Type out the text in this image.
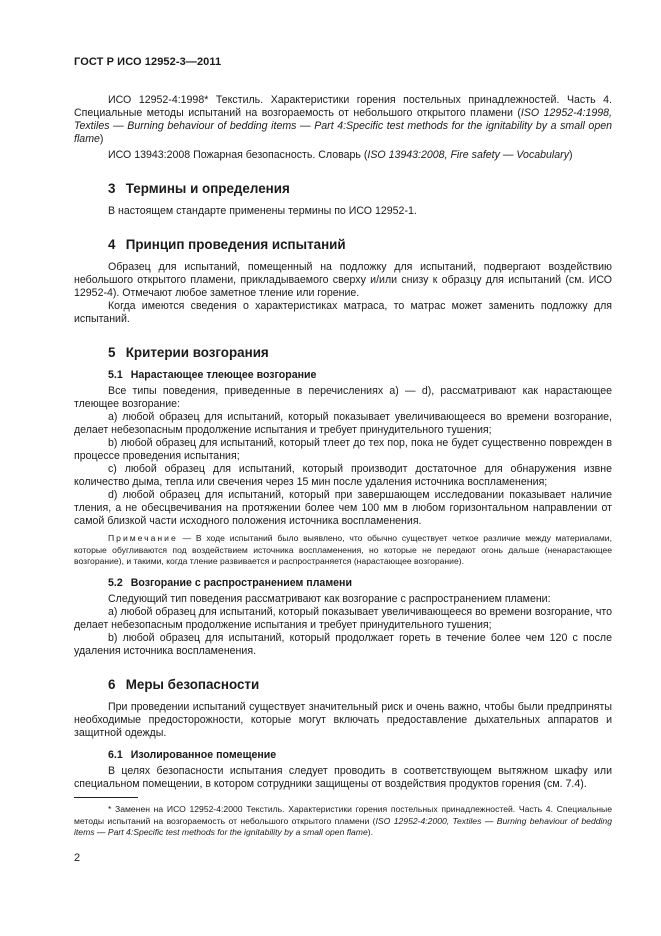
ГОСТ Р ИСО 12952-3—2011

ИСО 12952-4:1998* Текстиль. Характеристики горения постельных принадлежностей. Часть 4. Специальные методы испытаний на возгораемость от небольшого открытого пламени (ISO 12952-4:1998, Textiles — Burning behaviour of bedding items — Part 4:Specific test methods for the ignitability by a small open flame)

ИСО 13943:2008 Пожарная безопасность. Словарь (ISO 13943:2008, Fire safety — Vocabulary)

3 Термины и определения

В настоящем стандарте применены термины по ИСО 12952-1.

4 Принцип проведения испытаний

Образец для испытаний, помещенный на подложку для испытаний, подвергают воздействию небольшого открытого пламени, прикладываемого сверху и/или снизу к образцу для испытаний (см. ИСО 12952-4). Отмечают любое заметное тление или горение.

Когда имеются сведения о характеристиках матраса, то матрас может заменить подложку для испытаний.

5 Критерии возгорания
5.1 Нарастающее тлеющее возгорание

Все типы поведения, приведенные в перечислениях а) — d), рассматривают как нарастающее тлеющее возгорание:

a) любой образец для испытаний, который показывает увеличивающееся во времени возгорание, делает небезопасным продолжение испытания и требует принудительного тушения;

b) любой образец для испытаний, который тлеет до тех пор, пока не будет существенно поврежден в процессе проведения испытания;

c) любой образец для испытаний, который производит достаточное для обнаружения извне количество дыма, тепла или свечения через 15 мин после удаления источника воспламенения;

d) любой образец для испытаний, который при завершающем исследовании показывает наличие тления, а не обесцвечивания на протяжении более чем 100 мм в любом горизонтальном направлении от самой близкой части исходного положения источника воспламенения.

Примечание — В ходе испытаний было выявлено, что обычно существует четкое различие между материалами, которые обугливаются под воздействием источника воспламенения, но которые не передают огонь дальше (ненарастающее возгорание), и такими, когда тление развивается и распространяется (нарастающее возгорание).

5.2 Возгорание с распространением пламени

Следующий тип поведения рассматривают как возгорание с распространением пламени:

a) любой образец для испытаний, который показывает увеличивающееся во времени возгорание, что делает небезопасным продолжение испытания и требует принудительного тушения;

b) любой образец для испытаний, который продолжает гореть в течение более чем 120 с после удаления источника воспламенения.

6 Меры безопасности

При проведении испытаний существует значительный риск и очень важно, чтобы были предприняты необходимые предосторожности, которые могут включать предоставление дыхательных аппаратов и защитной одежды.

6.1 Изолированное помещение

В целях безопасности испытания следует проводить в соответствующем вытяжном шкафу или специальном помещении, в котором сотрудники защищены от воздействия продуктов горения (см. 7.4).

* Заменен на ИСО 12952-4:2000 Текстиль. Характеристики горения постельных принадлежностей. Часть 4. Специальные методы испытаний на возгораемость от небольшого открытого пламени (ISO 12952-4:2000, Textiles — Burning behaviour of bedding items — Part 4:Specific test methods for the ignitability by a small open flame).

2
